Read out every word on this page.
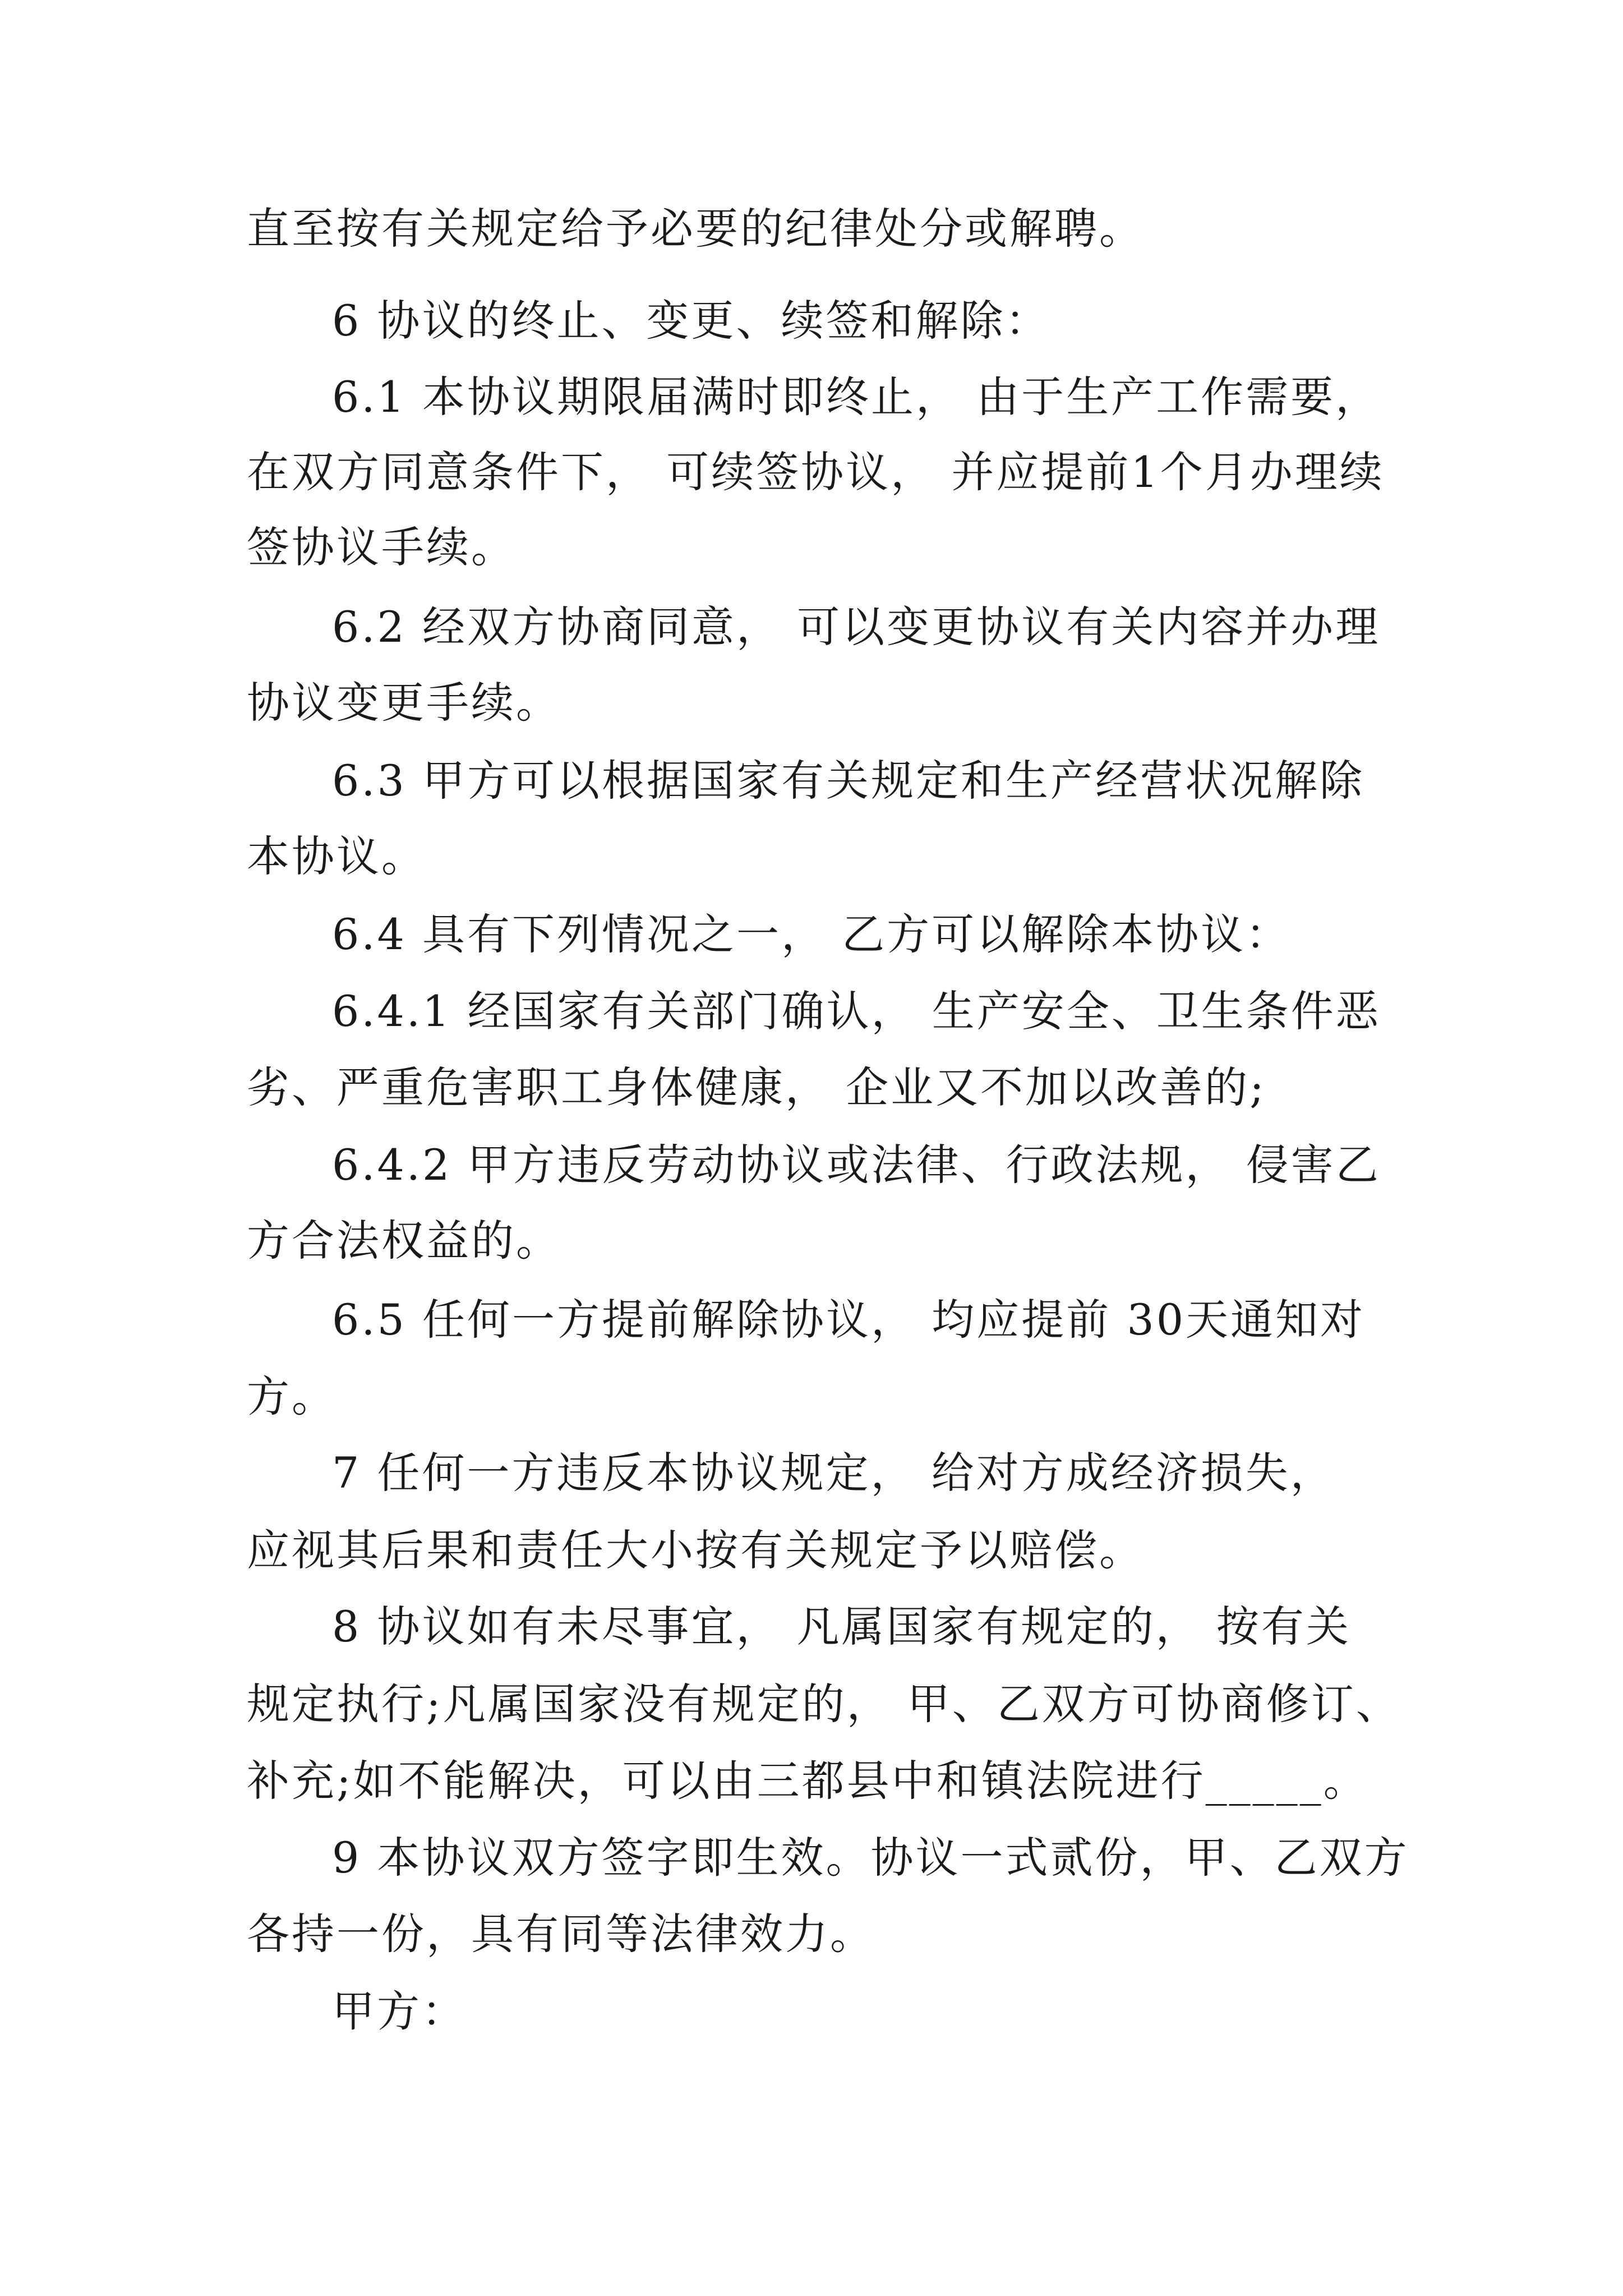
直至按有关规定给予必要的纪律处分或解聘。
6 协议的终止、变更、续签和解除：
6.1 本协议期限届满时即终止， 由于生产工作需要，
在双方同意条件下， 可续签协议， 并应提前1个月办理续
签协议手续。
6.2 经双方协商同意， 可以变更协议有关内容并办理
协议变更手续。
6.3 甲方可以根据国家有关规定和生产经营状况解除
本协议。
6.4 具有下列情况之一， 乙方可以解除本协议：
6.4.1 经国家有关部门确认， 生产安全、卫生条件恶
劣、严重危害职工身体健康， 企业又不加以改善的;
6.4.2 甲方违反劳动协议或法律、行政法规， 侵害乙
方合法权益的。
6.5 任何一方提前解除协议， 均应提前 30天通知对
方。
7 任何一方违反本协议规定， 给对方成经济损失，
应视其后果和责任大小按有关规定予以赔偿。
8 协议如有未尽事宜， 凡属国家有规定的， 按有关
规定执行;凡属国家没有规定的， 甲、乙双方可协商修订、
补充;如不能解决，可以由三都县中和镇法院进行_____。
9 本协议双方签字即生效。协议一式贰份，甲、乙双方
各持一份，具有同等法律效力。
甲方：
